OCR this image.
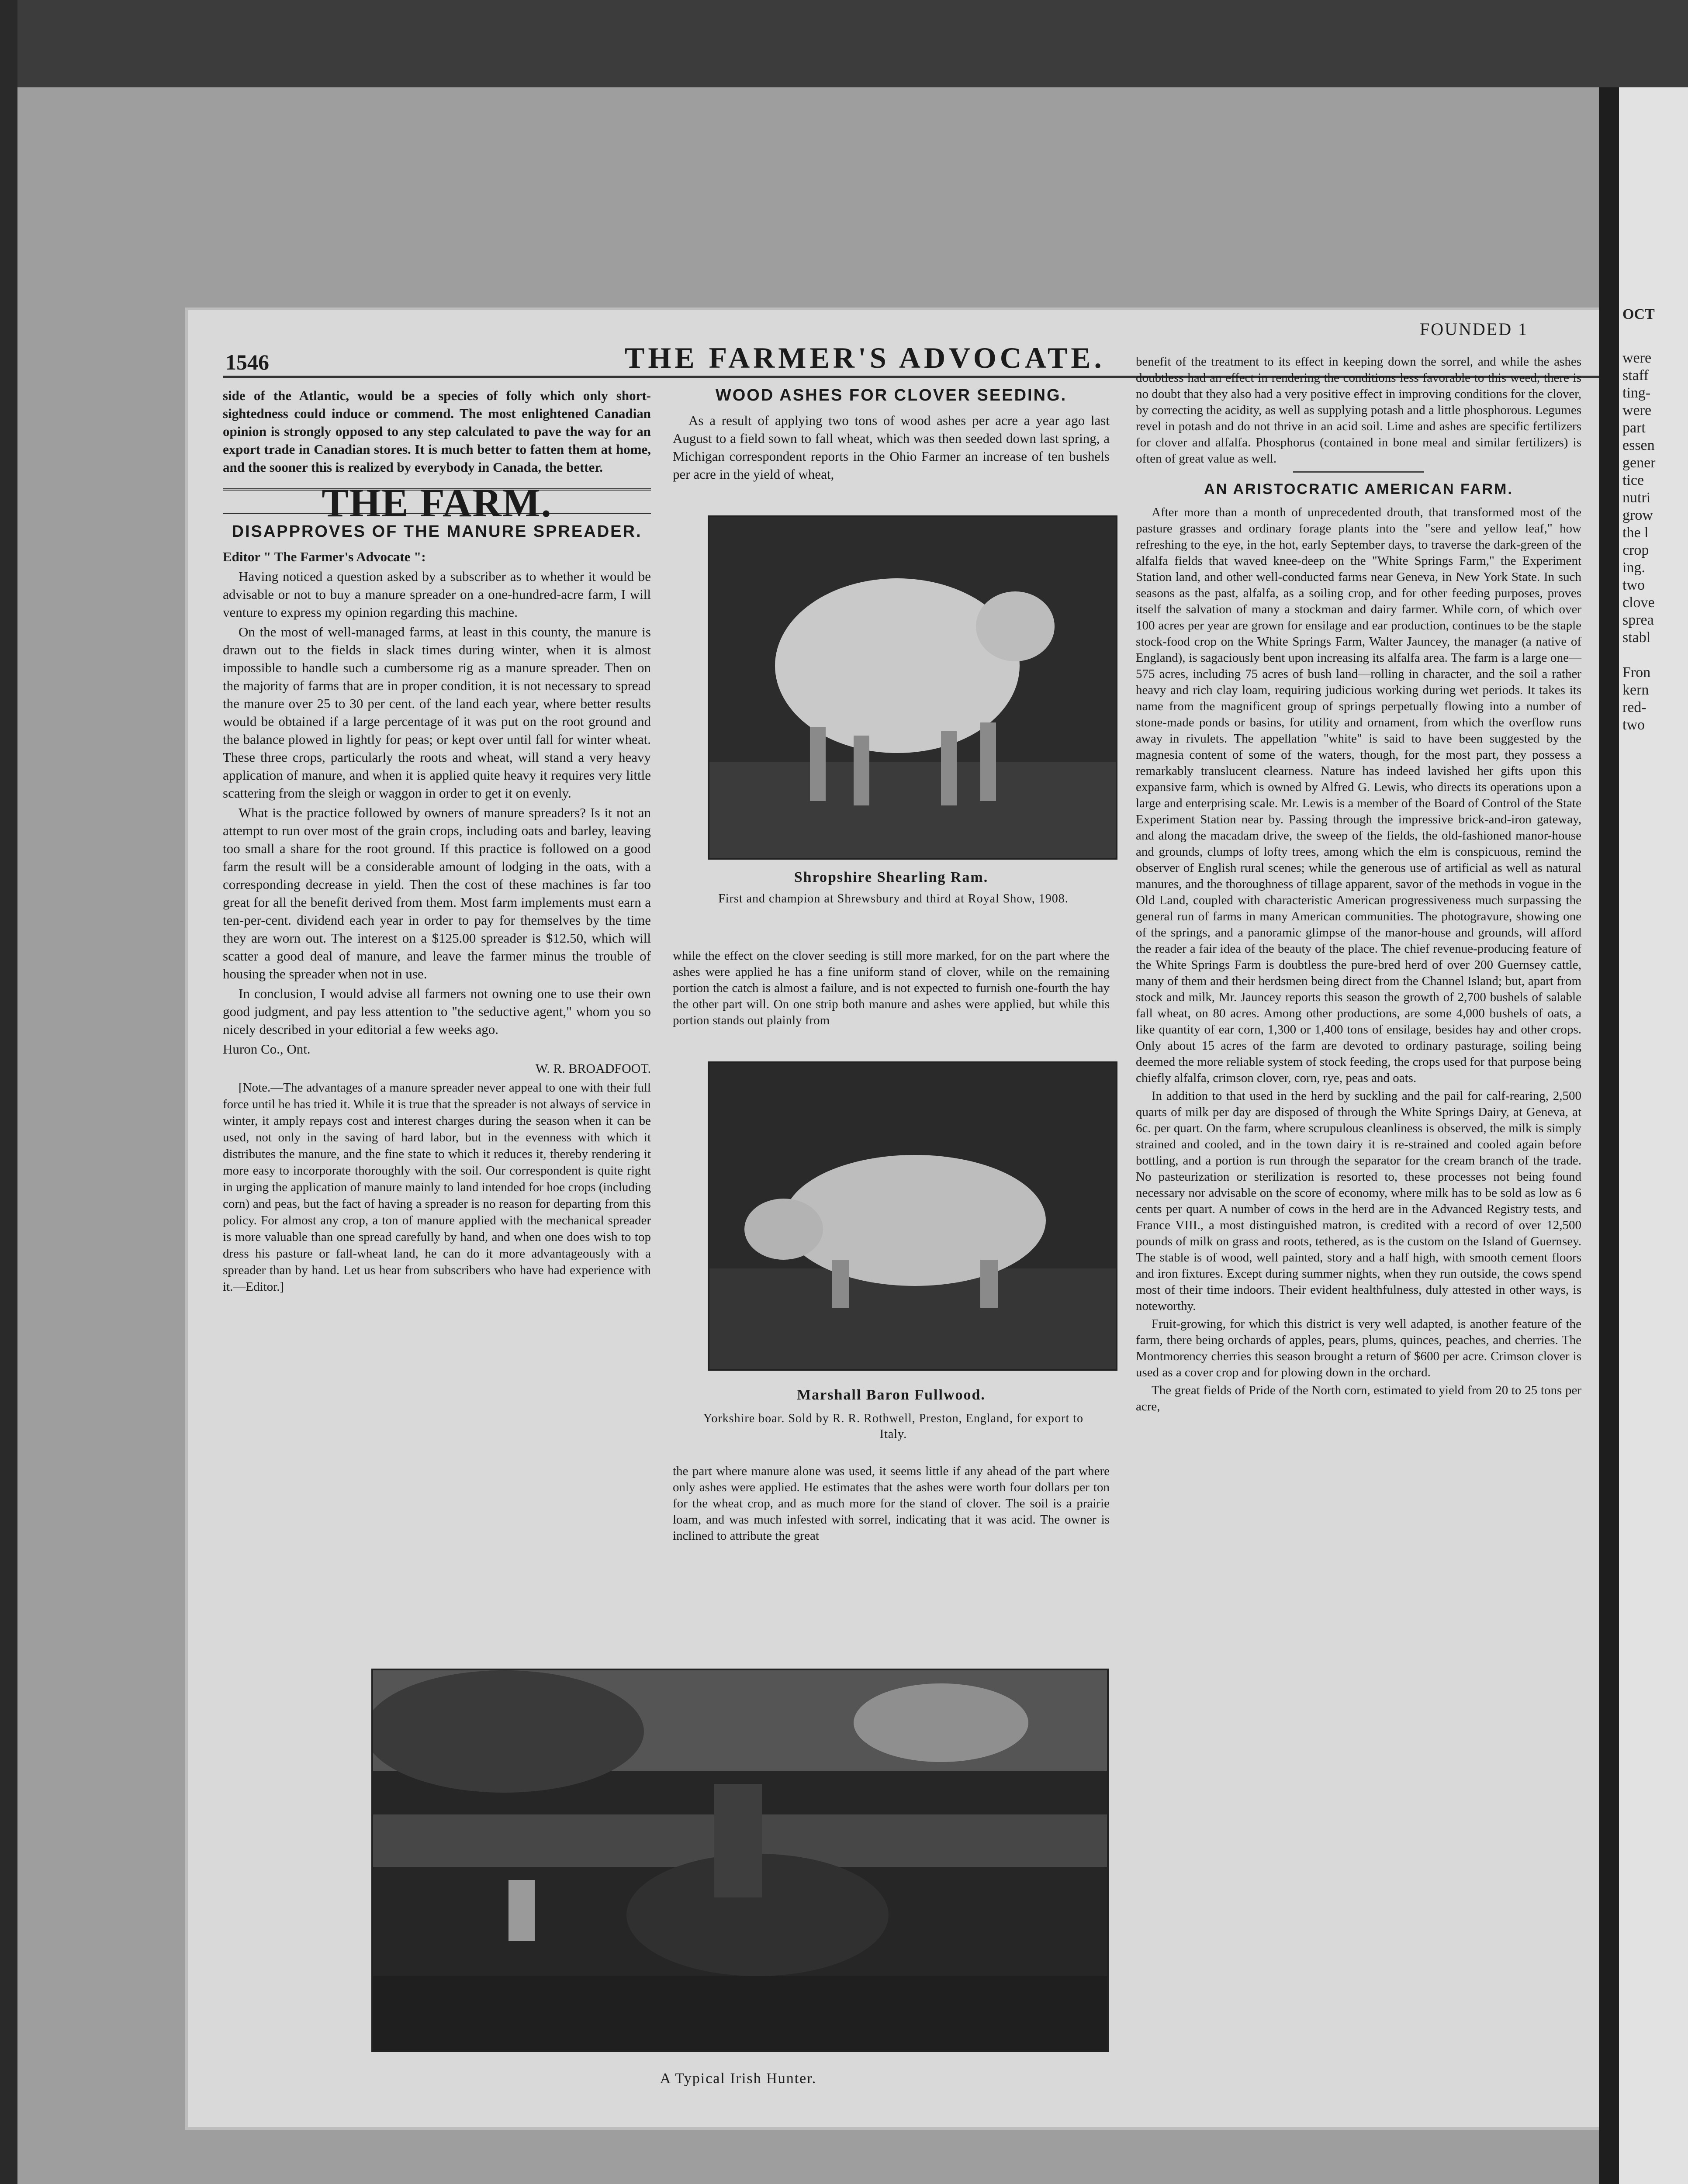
1546	THE FARMER'S ADVOCATE.
FOUNDED 1

side of the Atlantic, would be a species of folly which only short-sightedness could induce or commend. The most enlightened Canadian opinion is strongly opposed to any step calculated to pave the way for an export trade in Canadian stores. It is much better to fatten them at home, and the sooner this is realized by everybody in Canada, the better.

THE FARM.
DISAPPROVES OF THE MANURE SPREADER.

Editor " The Farmer's Advocate ":

Having noticed a question asked by a subscriber as to whether it would be advisable or not to buy a manure spreader on a one-hundred-acre farm, I will venture to express my opinion regarding this machine.

On the most of well-managed farms, at least in this county, the manure is drawn out to the fields in slack times during winter, when it is almost impossible to handle such a cumbersome rig as a manure spreader. Then on the majority of farms that are in proper condition, it is not necessary to spread the manure over 25 to 30 per cent. of the land each year, where better results would be obtained if a large percentage of it was put on the root ground and the balance plowed in lightly for peas; or kept over until fall for winter wheat. These three crops, particularly the roots and wheat, will stand a very heavy application of manure, and when it is applied quite heavy it requires very little scattering from the sleigh or waggon in order to get it on evenly.

What is the practice followed by owners of manure spreaders? Is it not an attempt to run over most of the grain crops, including oats and barley, leaving too small a share for the root ground. If this practice is followed on a good farm the result will be a considerable amount of lodging in the oats, with a corresponding decrease in yield. Then the cost of these machines is far too great for all the benefit derived from them. Most farm implements must earn a ten-per-cent. dividend each year in order to pay for themselves by the time they are worn out. The interest on a $125.00 spreader is $12.50, which will scatter a good deal of manure, and leave the farmer minus the trouble of housing the spreader when not in use.

In conclusion, I would advise all farmers not owning one to use their own good judgment, and pay less attention to "the seductive agent," whom you so nicely described in your editorial a few weeks ago.

Huron Co., Ont.

W. R. BROADFOOT.

[Note.—The advantages of a manure spreader never appeal to one with their full force until he has tried it. While it is true that the spreader is not always of service in winter, it amply repays cost and interest charges during the season when it can be used, not only in the saving of hard labor, but in the evenness with which it distributes the manure, and the fine state to which it reduces it, thereby rendering it more easy to incorporate thoroughly with the soil. Our correspondent is quite right in urging the application of manure mainly to land intended for hoe crops (including corn) and peas, but the fact of having a spreader is no reason for departing from this policy. For almost any crop, a ton of manure applied with the mechanical spreader is more valuable than one spread carefully by hand, and when one does wish to top dress his pasture or fall-wheat land, he can do it more advantageously with a spreader than by hand. Let us hear from subscribers who have had experience with it.—Editor.]

WOOD ASHES FOR CLOVER SEEDING.

As a result of applying two tons of wood ashes per acre a year ago last August to a field sown to fall wheat, which was then seeded down last spring, a Michigan correspondent reports in the Ohio Farmer an increase of ten bushels per acre in the yield of wheat,

Shropshire Shearling Ram.
First and champion at Shrewsbury and third at Royal Show, 1908.

while the effect on the clover seeding is still more marked, for on the part where the ashes were applied he has a fine uniform stand of clover, while on the remaining portion the catch is almost a failure, and is not expected to furnish one-fourth the hay the other part will. On one strip both manure and ashes were applied, but while this portion stands out plainly from

Marshall Baron Fullwood.
Yorkshire boar. Sold by R. R. Rothwell, Preston, England, for export to Italy.

the part where manure alone was used, it seems little if any ahead of the part where only ashes were applied. He estimates that the ashes were worth four dollars per ton for the wheat crop, and as much more for the stand of clover. The soil is a prairie loam, and was much infested with sorrel, indicating that it was acid. The owner is inclined to attribute the great

benefit of the treatment to its effect in keeping down the sorrel, and while the ashes doubtless had an effect in rendering the conditions less favorable to this weed, there is no doubt that they also had a very positive effect in improving conditions for the clover, by correcting the acidity, as well as supplying potash and a little phosphorous. Legumes revel in potash and do not thrive in an acid soil. Lime and ashes are specific fertilizers for clover and alfalfa. Phosphorus (contained in bone meal and similar fertilizers) is often of great value as well.

AN ARISTOCRATIC AMERICAN FARM.

After more than a month of unprecedented drouth, that transformed most of the pasture grasses and ordinary forage plants into the "sere and yellow leaf," how refreshing to the eye, in the hot, early September days, to traverse the dark-green of the alfalfa fields that waved knee-deep on the "White Springs Farm," the Experiment Station land, and other well-conducted farms near Geneva, in New York State. In such seasons as the past, alfalfa, as a soiling crop, and for other feeding purposes, proves itself the salvation of many a stockman and dairy farmer. While corn, of which over 100 acres per year are grown for ensilage and ear production, continues to be the staple stock-food crop on the White Springs Farm, Walter Jauncey, the manager (a native of England), is sagaciously bent upon increasing its alfalfa area. The farm is a large one—575 acres, including 75 acres of bush land—rolling in character, and the soil a rather heavy and rich clay loam, requiring judicious working during wet periods. It takes its name from the magnificent group of springs perpetually flowing into a number of stone-made ponds or basins, for utility and ornament, from which the overflow runs away in rivulets. The appellation "white" is said to have been suggested by the magnesia content of some of the waters, though, for the most part, they possess a remarkably translucent clearness. Nature has indeed lavished her gifts upon this expansive farm, which is owned by Alfred G. Lewis, who directs its operations upon a large and enterprising scale. Mr. Lewis is a member of the Board of Control of the State Experiment Station near by. Passing through the impressive brick-and-iron gateway, and along the macadam drive, the sweep of the fields, the old-fashioned manor-house and grounds, clumps of lofty trees, among which the elm is conspicuous, remind the observer of English rural scenes; while the generous use of artificial as well as natural manures, and the thoroughness of tillage apparent, savor of the methods in vogue in the Old Land, coupled with characteristic American progressiveness much surpassing the general run of farms in many American communities. The photogravure, showing one of the springs, and a panoramic glimpse of the manor-house and grounds, will afford the reader a fair idea of the beauty of the place. The chief revenue-producing feature of the White Springs Farm is doubtless the pure-bred herd of over 200 Guernsey cattle, many of them and their herdsmen being direct from the Channel Island; but, apart from stock and milk, Mr. Jauncey reports this season the growth of 2,700 bushels of salable fall wheat, on 80 acres. Among other productions, are some 4,000 bushels of oats, a like quantity of ear corn, 1,300 or 1,400 tons of ensilage, besides hay and other crops. Only about 15 acres of the farm are devoted to ordinary pasturage, soiling being deemed the more reliable system of stock feeding, the crops used for that purpose being chiefly alfalfa, crimson clover, corn, rye, peas and oats.

In addition to that used in the herd by suckling and the pail for calf-rearing, 2,500 quarts of milk per day are disposed of through the White Springs Dairy, at Geneva, at 6c. per quart. On the farm, where scrupulous cleanliness is observed, the milk is simply strained and cooled, and in the town dairy it is re-strained and cooled again before bottling, and a portion is run through the separator for the cream branch of the trade. No pasteurization or sterilization is resorted to, these processes not being found necessary nor advisable on the score of economy, where milk has to be sold as low as 6 cents per quart. A number of cows in the herd are in the Advanced Registry tests, and France VIII., a most distinguished matron, is credited with a record of over 12,500 pounds of milk on grass and roots, tethered, as is the custom on the Island of Guernsey. The stable is of wood, well painted, story and a half high, with smooth cement floors and iron fixtures. Except during summer nights, when they run outside, the cows spend most of their time indoors. Their evident healthfulness, duly attested in other ways, is noteworthy.

Fruit-growing, for which this district is very well adapted, is another feature of the farm, there being orchards of apples, pears, plums, quinces, peaches, and cherries. The Montmorency cherries this season brought a return of $600 per acre. Crimson clover is used as a cover crop and for plowing down in the orchard.

The great fields of Pride of the North corn, estimated to yield from 20 to 25 tons per acre,

A Typical Irish Hunter.
OCT
were
staff
ting-
were
part
essen
gener
tice
nutri
grow
the l
crop
ing.
two
clove
sprea
stabl
Fron
kern
red-
two
